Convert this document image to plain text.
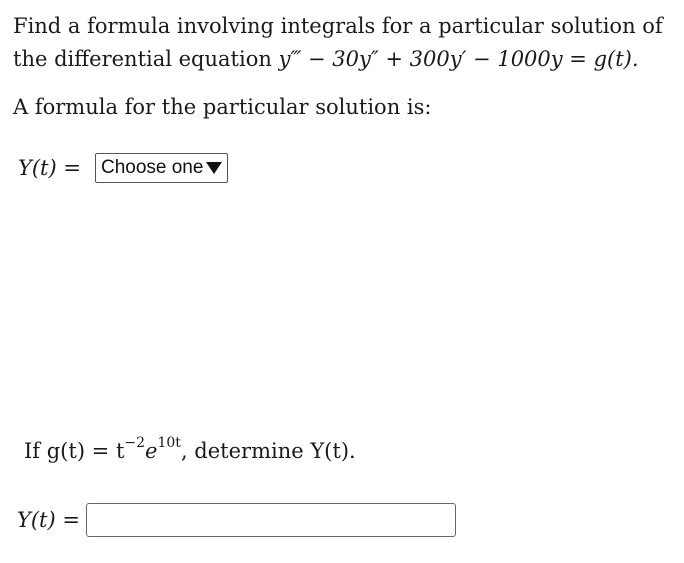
Find a formula involving integrals for a particular solution of the differential equation y‴ − 30y″ + 300y′ − 1000y = g(t).

A formula for the particular solution is:
Y(t) = Choose one
If $g(t) = t^{-2}e^{10t}$, determine Y(t).
Y(t) =
